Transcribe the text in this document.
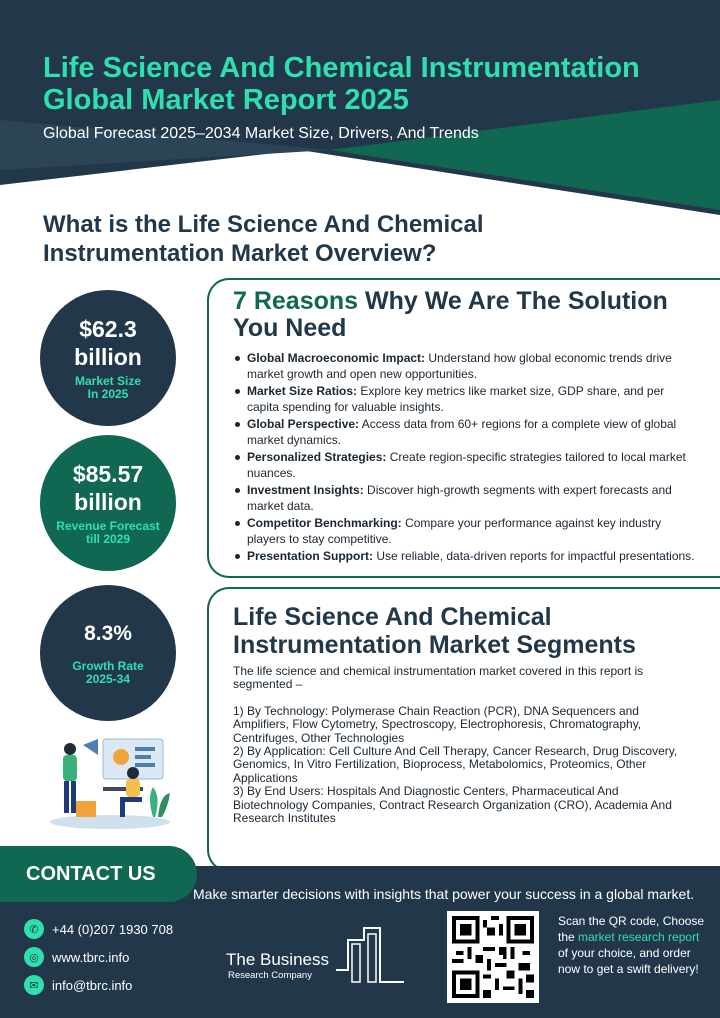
Life Science And Chemical Instrumentation Global Market Report 2025
Global Forecast 2025–2034 Market Size, Drivers, And Trends
What is the Life Science And Chemical Instrumentation Market Overview?
$62.3
billion
Market Size In 2025
$85.57
billion
Revenue Forecast till 2029
8.3%
Growth Rate 2025-34
7 Reasons Why We Are The Solution You Need
Global Macroeconomic Impact: Understand how global economic trends drive market growth and open new opportunities.
Market Size Ratios: Explore key metrics like market size, GDP share, and per capita spending for valuable insights.
Global Perspective: Access data from 60+ regions for a complete view of global market dynamics.
Personalized Strategies: Create region-specific strategies tailored to local market nuances.
Investment Insights: Discover high-growth segments with expert forecasts and market data.
Competitor Benchmarking: Compare your performance against key industry players to stay competitive.
Presentation Support: Use reliable, data-driven reports for impactful presentations.
Life Science And Chemical Instrumentation Market Segments

The life science and chemical instrumentation market covered in this report is segmented –

1) By Technology: Polymerase Chain Reaction (PCR), DNA Sequencers and Amplifiers, Flow Cytometry, Spectroscopy, Electrophoresis, Chromatography, Centrifuges, Other Technologies
2) By Application: Cell Culture And Cell Therapy, Cancer Research, Drug Discovery, Genomics, In Vitro Fertilization, Bioprocess, Metabolomics, Proteomics, Other Applications
3) By End Users: Hospitals And Diagnostic Centers, Pharmaceutical And Biotechnology Companies, Contract Research Organization (CRO), Academia And Research Institutes
CONTACT US
Make smarter decisions with insights that power your success in a global market.
✆	+44 (0)207 1930 708
◎	www.tbrc.info
✉	info@tbrc.info
The Business
Research Company
Scan the QR code, Choose the market research report of your choice, and order now to get a swift delivery!
